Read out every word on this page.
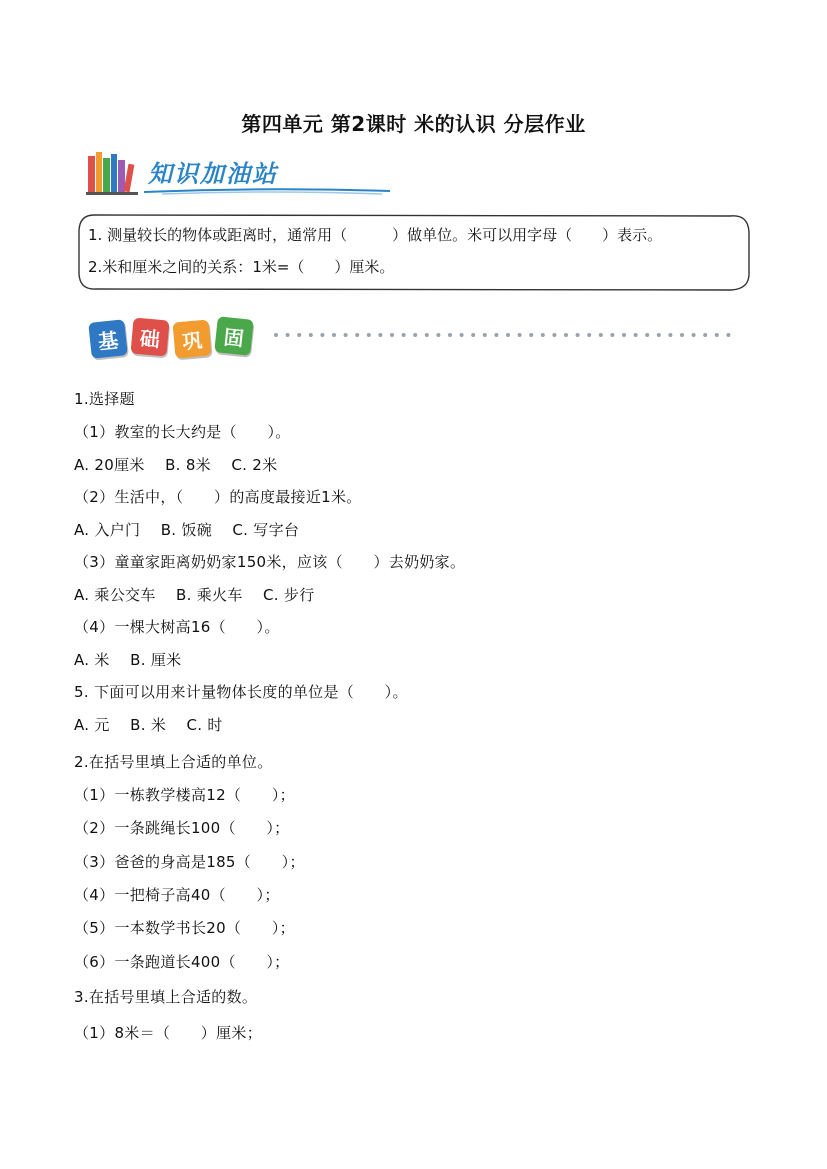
第四单元 第2课时 米的认识 分层作业
知识加油站
1. 测量较长的物体或距离时，通常用（　　　）做单位。米可以用字母（　　）表示。
2.米和厘米之间的关系：1米=（　　）厘米。
基 础	巩 固
1.选择题
（1）教室的长大约是（　　）。
A. 20厘米　 B. 8米　 C. 2米
（2）生活中，（　　）的高度最接近1米。
A. 入户门　 B. 饭碗　 C. 写字台
（3）童童家距离奶奶家150米，应该（　　）去奶奶家。
A. 乘公交车　 B. 乘火车　 C. 步行
（4）一棵大树高16（　　）。
A. 米　 B. 厘米
5. 下面可以用来计量物体长度的单位是（　　）。
A. 元　 B. 米　 C. 时
2.在括号里填上合适的单位。
（1）一栋教学楼高12（　　）；
（2）一条跳绳长100（　　）；
（3）爸爸的身高是185（　　）；
（4）一把椅子高40（　　）；
（5）一本数学书长20（　　）；
（6）一条跑道长400（　　）；
3.在括号里填上合适的数。
（1）8米＝（　　）厘米；
